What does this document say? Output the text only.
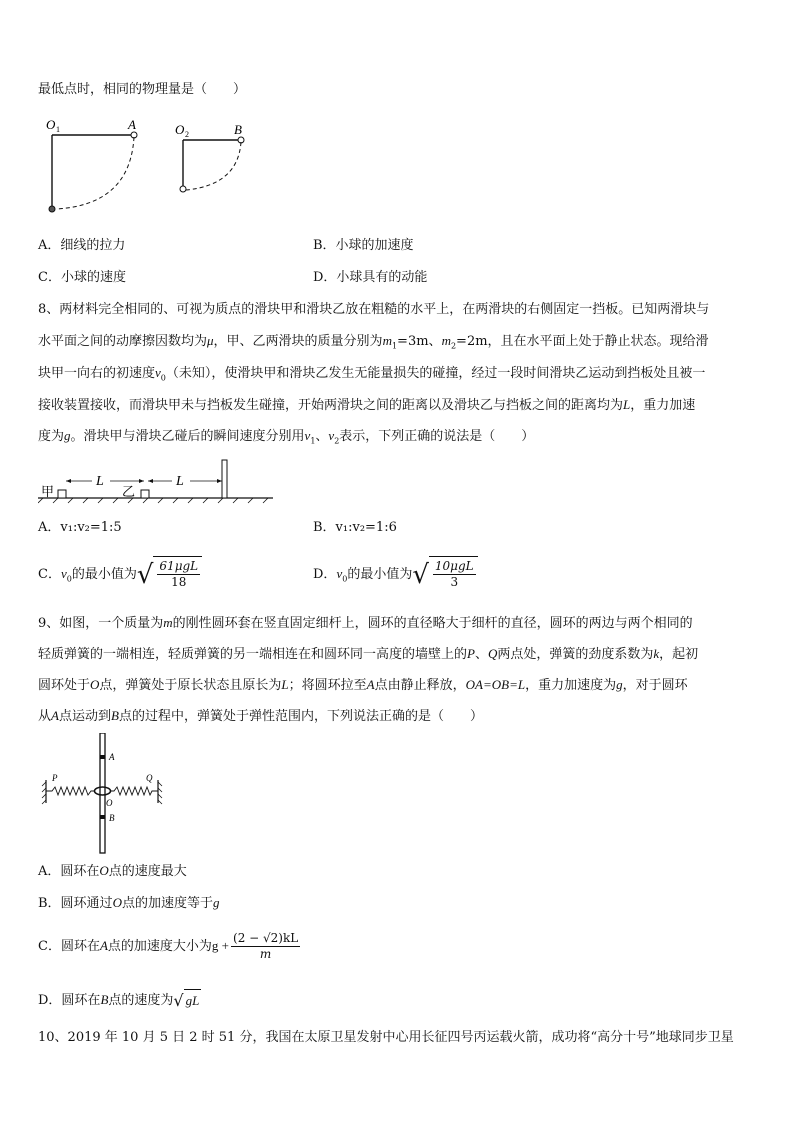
最低点时，相同的物理量是（　　）
O 1	A	O 2	B
A．细线的拉力	B．小球的加速度
C．小球的速度	D．小球具有的动能
8、两材料完全相同的、可视为质点的滑块甲和滑块乙放在粗糙的水平上，在两滑块的右侧固定一挡板。已知两滑块与
水平面之间的动摩擦因数均为μ，甲、乙两滑块的质量分别为$m_1=3m$、$m_2=2m$，且在水平面上处于静止状态。现给滑
块甲一向右的初速度$v_0$（未知），使滑块甲和滑块乙发生无能量损失的碰撞，经过一段时间滑块乙运动到挡板处且被一
接收装置接收，而滑块甲未与挡板发生碰撞，开始两滑块之间的距离以及滑块乙与挡板之间的距离均为L，重力加速
度为g。滑块甲与滑块乙碰后的瞬间速度分别用$v_1$、$v_2$表示，下列正确的说法是（　　）
甲	乙
L	L
A．v₁:v₂=1:5	B．v₁:v₂=1:6
C．$v_0$的最小值为 √ $\frac{\text{61μgL}}{18}$	D．$v_0$的最小值为 √ $\frac{\text{10μgL}}{3}$
9、如图，一个质量为m的刚性圆环套在竖直固定细杆上，圆环的直径略大于细杆的直径，圆环的两边与两个相同的
轻质弹簧的一端相连，轻质弹簧的另一端相连在和圆环同一高度的墙壁上的P、Q两点处，弹簧的劲度系数为k，起初
圆环处于O点，弹簧处于原长状态且原长为L；将圆环拉至A点由静止释放，OA=OB=L，重力加速度为g，对于圆环
从A点运动到B点的过程中，弹簧处于弹性范围内，下列说法正确的是（　　）
A
O
B
P	Q
A．圆环在O点的速度最大
B．圆环通过O点的加速度等于g
C．圆环在A点的加速度大小为$g + \frac{(2 - √2)kL}{m}$
D．圆环在B点的速度为 √ gL
10、2019 年 10 月 5 日 2 时 51 分，我国在太原卫星发射中心用长征四号丙运载火箭，成功将“高分十号”地球同步卫星
